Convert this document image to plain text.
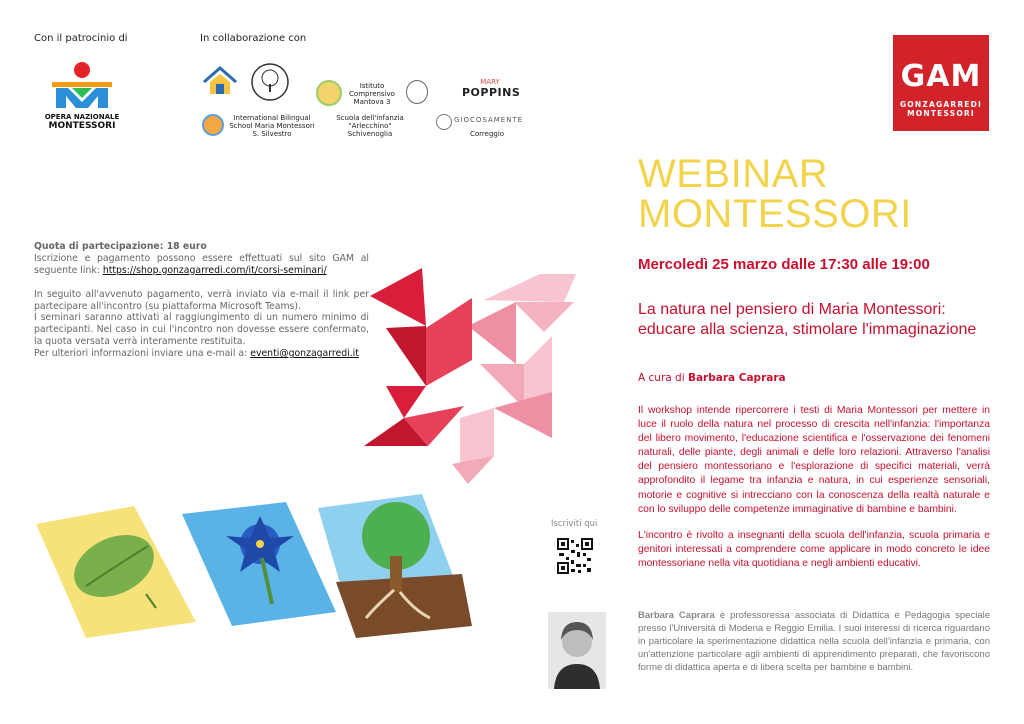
Con il patrocinio di	In collaborazione con
OPERA NAZIONALE
MONTESSORI
Istituto Comprensivo
Mantova 3
MARY
POPPINS
International Bilingual
School Maria Montessori
S. Silvestro
Scuola dell'infanzia
"Arlecchino"
Schivenoglia
GIOCOSAMENTE
Correggio
GAM
GONZAGARREDI
MONTESSORI
Quota di partecipazione: 18 euro
Iscrizione e pagamento possono essere effettuati sul sito GAM al seguente link: https://shop.gonzagarredi.com/it/corsi-seminari/
In seguito all'avvenuto pagamento, verrà inviato via e-mail il link per partecipare all'incontro (su piattaforma Microsoft Teams).
I seminari saranno attivati al raggiungimento di un numero minimo di partecipanti. Nel caso in cui l'incontro non dovesse essere confermato, la quota versata verrà interamente restituita.
Per ulteriori informazioni inviare una e-mail a: eventi@gonzagarredi.it
WEBINAR
MONTESSORI
Mercoledì 25 marzo dalle 17:30 alle 19:00
La natura nel pensiero di Maria Montessori: educare alla scienza, stimolare l'immaginazione
A cura di Barbara Caprara
Il workshop intende ripercorrere i testi di Maria Montessori per mettere in luce il ruolo della natura nel processo di crescita nell'infanzia: l'importanza del libero movimento, l'educazione scientifica e l'osservazione dei fenomeni naturali, delle piante, degli animali e delle loro relazioni. Attraverso l'analisi del pensiero montessoriano e l'esplorazione di specifici materiali, verrà approfondito il legame tra infanzia e natura, in cui esperienze sensoriali, motorie e cognitive si intrecciano con la conoscenza della realtà naturale e con lo sviluppo delle competenze immaginative di bambine e bambini.
L'incontro è rivolto a insegnanti della scuola dell'infanzia, scuola primaria e genitori interessati a comprendere come applicare in modo concreto le idee montessoriane nella vita quotidiana e negli ambienti educativi.
Iscriviti qui
Barbara Caprara è professoressa associata di Didattica e Pedagogia speciale presso l'Università di Modena e Reggio Emilia. I suoi interessi di ricerca riguardano in particolare la sperimentazione didattica nella scuola dell'infanzia e primaria, con un'attenzione particolare agli ambienti di apprendimento preparati, che favoriscono forme di didattica aperta e di libera scelta per bambine e bambini.
